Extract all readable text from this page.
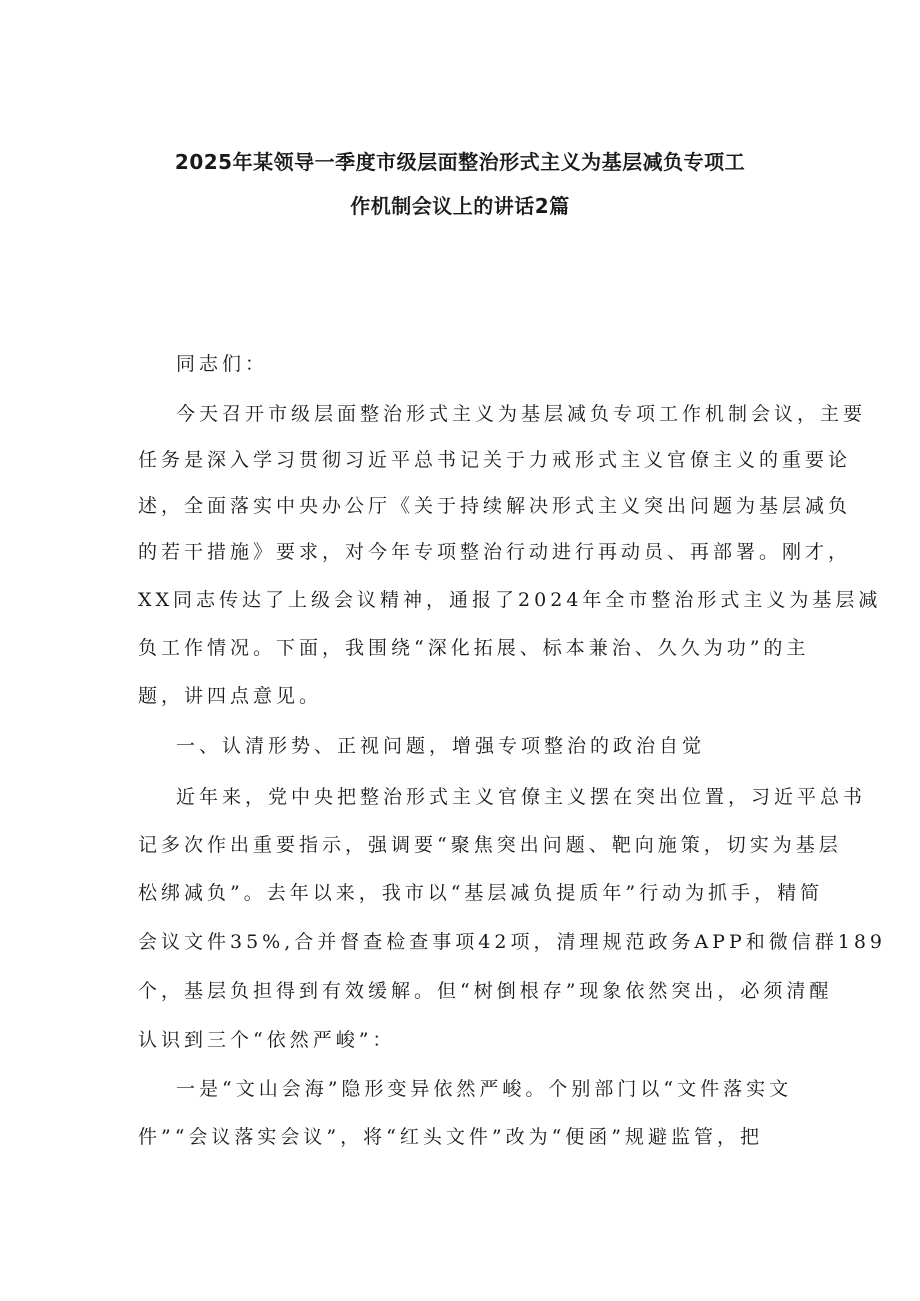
2025年某领导一季度市级层面整治形式主义为基层减负专项工
作机制会议上的讲话2篇
同志们：
今天召开市级层面整治形式主义为基层减负专项工作机制会议，主要
任务是深入学习贯彻习近平总书记关于力戒形式主义官僚主义的重要论
述，全面落实中央办公厅《关于持续解决形式主义突出问题为基层减负
的若干措施》要求，对今年专项整治行动进行再动员、再部署。刚才，
XX同志传达了上级会议精神，通报了2024年全市整治形式主义为基层减
负工作情况。下面，我围绕“深化拓展、标本兼治、久久为功”的主
题，讲四点意见。
一、认清形势、正视问题，增强专项整治的政治自觉
近年来，党中央把整治形式主义官僚主义摆在突出位置，习近平总书
记多次作出重要指示，强调要“聚焦突出问题、靶向施策，切实为基层
松绑减负”。去年以来，我市以“基层减负提质年”行动为抓手，精简
会议文件35%,合并督查检查事项42项，清理规范政务APP和微信群189
个，基层负担得到有效缓解。但“树倒根存”现象依然突出，必须清醒
认识到三个“依然严峻”：
一是“文山会海”隐形变异依然严峻。个别部门以“文件落实文
件”“会议落实会议”，将“红头文件”改为“便函”规避监管，把
